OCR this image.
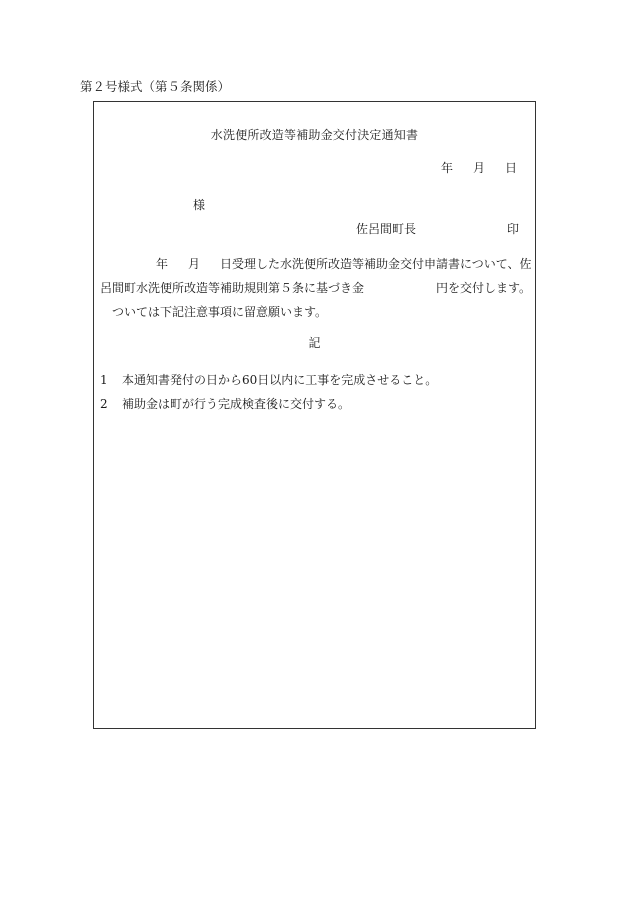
第２号様式（第５条関係）
水洗便所改造等補助金交付決定通知書
年 月 日
様
佐呂間町長	印
年 月 日受理した水洗便所改造等補助金交付申請書について、佐
呂間町水洗便所改造等補助規則第５条に基づき金	円を交付します。
ついては下記注意事項に留意願います。
記
1	本通知書発付の日から60日以内に工事を完成させること。
2	補助金は町が行う完成検査後に交付する。
